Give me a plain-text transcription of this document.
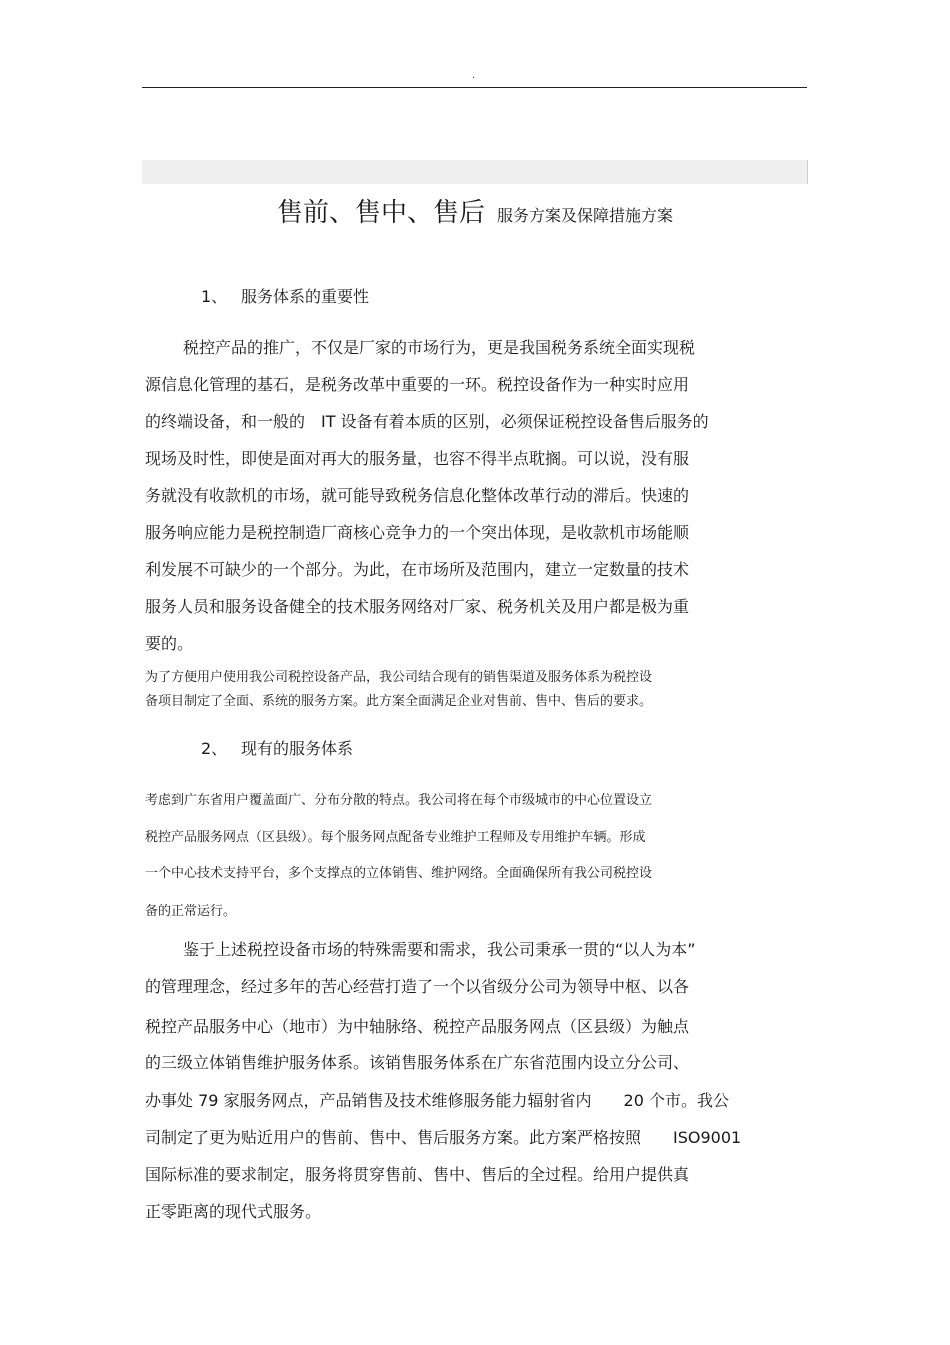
.
售前、售中、售后 服务方案及保障措施方案
1、 服务体系的重要性
税控产品的推广，不仅是厂家的市场行为，更是我国税务系统全面实现税
源信息化管理的基石，是税务改革中重要的一环。税控设备作为一种实时应用
的终端设备，和一般的　IT 设备有着本质的区别，必须保证税控设备售后服务的
现场及时性，即使是面对再大的服务量，也容不得半点耽搁。可以说，没有服
务就没有收款机的市场，就可能导致税务信息化整体改革行动的滞后。快速的
服务响应能力是税控制造厂商核心竞争力的一个突出体现，是收款机市场能顺
利发展不可缺少的一个部分。为此，在市场所及范围内，建立一定数量的技术
服务人员和服务设备健全的技术服务网络对厂家、税务机关及用户都是极为重
要的。
为了方便用户使用我公司税控设备产品，我公司结合现有的销售渠道及服务体系为税控设
备项目制定了全面、系统的服务方案。此方案全面满足企业对售前、售中、售后的要求。
2、 现有的服务体系
考虑到广东省用户覆盖面广、分布分散的特点。我公司将在每个市级城市的中心位置设立
税控产品服务网点（区县级）。每个服务网点配备专业维护工程师及专用维护车辆。形成
一个中心技术支持平台，多个支撑点的立体销售、维护网络。全面确保所有我公司税控设
备的正常运行。
鉴于上述税控设备市场的特殊需要和需求，我公司秉承一贯的“以人为本”
的管理理念，经过多年的苦心经营打造了一个以省级分公司为领导中枢、以各
税控产品服务中心（地市）为中轴脉络、税控产品服务网点（区县级）为触点
的三级立体销售维护服务体系。该销售服务体系在广东省范围内设立分公司、
办事处 79 家服务网点，产品销售及技术维修服务能力辐射省内　　20 个市。我公
司制定了更为贴近用户的售前、售中、售后服务方案。此方案严格按照　　ISO9001
国际标准的要求制定，服务将贯穿售前、售中、售后的全过程。给用户提供真
正零距离的现代式服务。
